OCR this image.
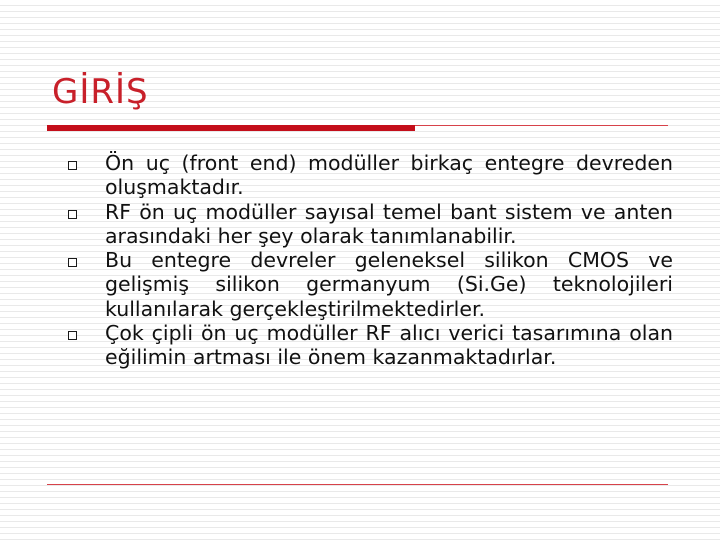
GİRİŞ
Ön uç (front end) modüller birkaç entegre devreden oluşmaktadır.
RF ön uç modüller sayısal temel bant sistem ve anten arasındaki her şey olarak tanımlanabilir.
Bu entegre devreler geleneksel silikon CMOS ve gelişmiş silikon germanyum (Si.Ge) teknolojileri kullanılarak gerçekleştirilmektedirler.
Çok çipli ön uç modüller RF alıcı verici tasarımına olan eğilimin artması ile önem kazanmaktadırlar.
